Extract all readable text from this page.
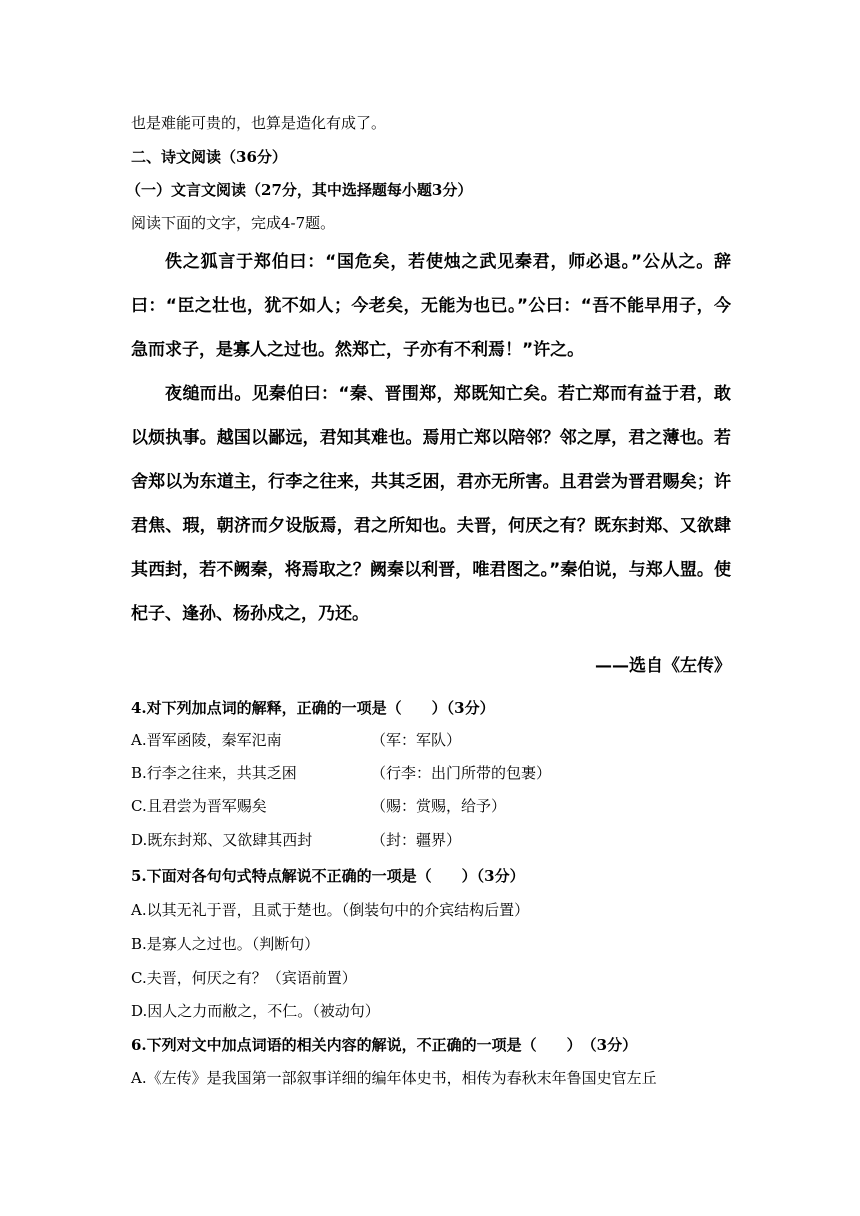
也是难能可贵的，也算是造化有成了。
二、诗文阅读（36分）
（一）文言文阅读（27分，其中选择题每小题3分）
阅读下面的文字，完成4-7题。

佚之狐言于郑伯曰：“国危矣，若使烛之武见秦君，师必退。”公从之。辞曰：“臣之壮也，犹不如人；今老矣，无能为也已。”公曰：“吾不能早用子，今急而求子，是寡人之过也。然郑亡，子亦有不利焉！”许之。

夜缒而出。见秦伯曰：“秦、晋围郑，郑既知亡矣。若亡郑而有益于君，敢以烦执事。越国以鄙远，君知其难也。焉用亡郑以陪邻？邻之厚，君之薄也。若舍郑以为东道主，行李之往来，共其乏困，君亦无所害。且君尝为晋君赐矣；许君焦、瑕，朝济而夕设版焉，君之所知也。夫晋，何厌之有？既东封郑、又欲肆其西封，若不阙秦，将焉取之？阙秦以利晋，唯君图之。”秦伯说，与郑人盟。使杞子、逢孙、杨孙戍之，乃还。

——选自《左传》
4.对下列加点词的解释，正确的一项是（　　）（3分）
A.晋军函陵，秦军氾南	（军：军队）
B.行李之往来，共其乏困	（行李：出门所带的包裹）
C.且君尝为晋军赐矣	（赐：赏赐，给予）
D.既东封郑、又欲肆其西封	（封：疆界）
5.下面对各句句式特点解说不正确的一项是（　　）（3分）
A.以其无礼于晋，且贰于楚也。（倒装句中的介宾结构后置）
B.是寡人之过也。（判断句）
C.夫晋，何厌之有？（宾语前置）
D.因人之力而敝之，不仁。（被动句）
6.下列对文中加点词语的相关内容的解说，不正确的一项是（　　）　（3分）
A.《左传》是我国第一部叙事详细的编年体史书，相传为春秋末年鲁国史官左丘
